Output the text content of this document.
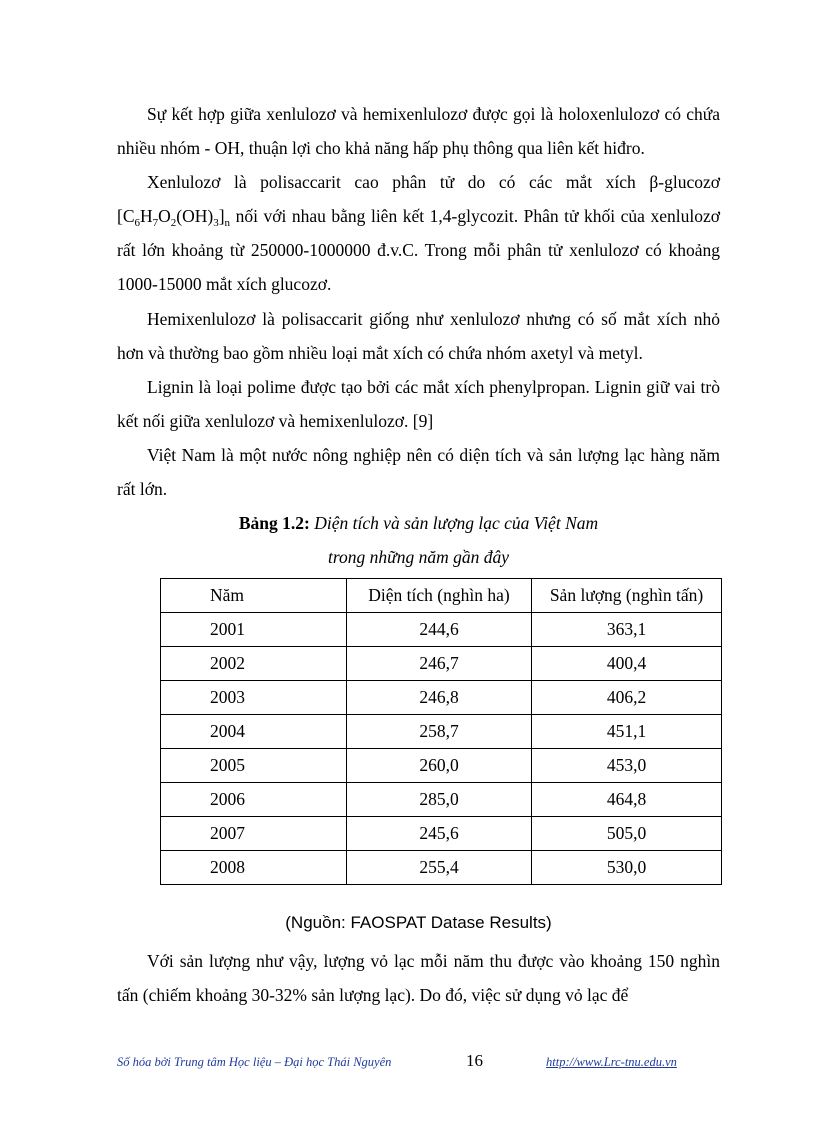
Sự kết hợp giữa xenlulozơ và hemixenlulozơ được gọi là holoxenlulozơ có chứa nhiều nhóm - OH, thuận lợi cho khả năng hấp phụ thông qua liên kết hiđro.

Xenlulozơ là polisaccarit cao phân tử do có các mắt xích β-glucozơ $[C_6H_7O_2(OH)_3]_n$ nối với nhau bằng liên kết 1,4-glycozit. Phân tử khối của xenlulozơ rất lớn khoảng từ 250000-1000000 đ.v.C. Trong mỗi phân tử xenlulozơ có khoảng 1000-15000 mắt xích glucozơ.

Hemixenlulozơ là polisaccarit giống như xenlulozơ nhưng có số mắt xích nhỏ hơn và thường bao gồm nhiều loại mắt xích có chứa nhóm axetyl và metyl.

Lignin là loại polime được tạo bởi các mắt xích phenylpropan. Lignin giữ vai trò kết nối giữa xenlulozơ và hemixenlulozơ. [9]

Việt Nam là một nước nông nghiệp nên có diện tích và sản lượng lạc hàng năm rất lớn.

Bảng 1.2: Diện tích và sản lượng lạc của Việt Nam

trong những năm gần đây

Năm	Diện tích (nghìn ha)	Sản lượng (nghìn tấn)
2001	244,6	363,1
2002	246,7	400,4
2003	246,8	406,2
2004	258,7	451,1
2005	260,0	453,0
2006	285,0	464,8
2007	245,6	505,0
2008	255,4	530,0

(Nguồn: FAOSPAT Datase Results)

Với sản lượng như vậy, lượng vỏ lạc mỗi năm thu được vào khoảng 150 nghìn tấn (chiếm khoảng 30-32% sản lượng lạc). Do đó, việc sử dụng vỏ lạc để

Số hóa bởi Trung tâm Học liệu – Đại học Thái Nguyên	16	http://www.Lrc-tnu.edu.vn
